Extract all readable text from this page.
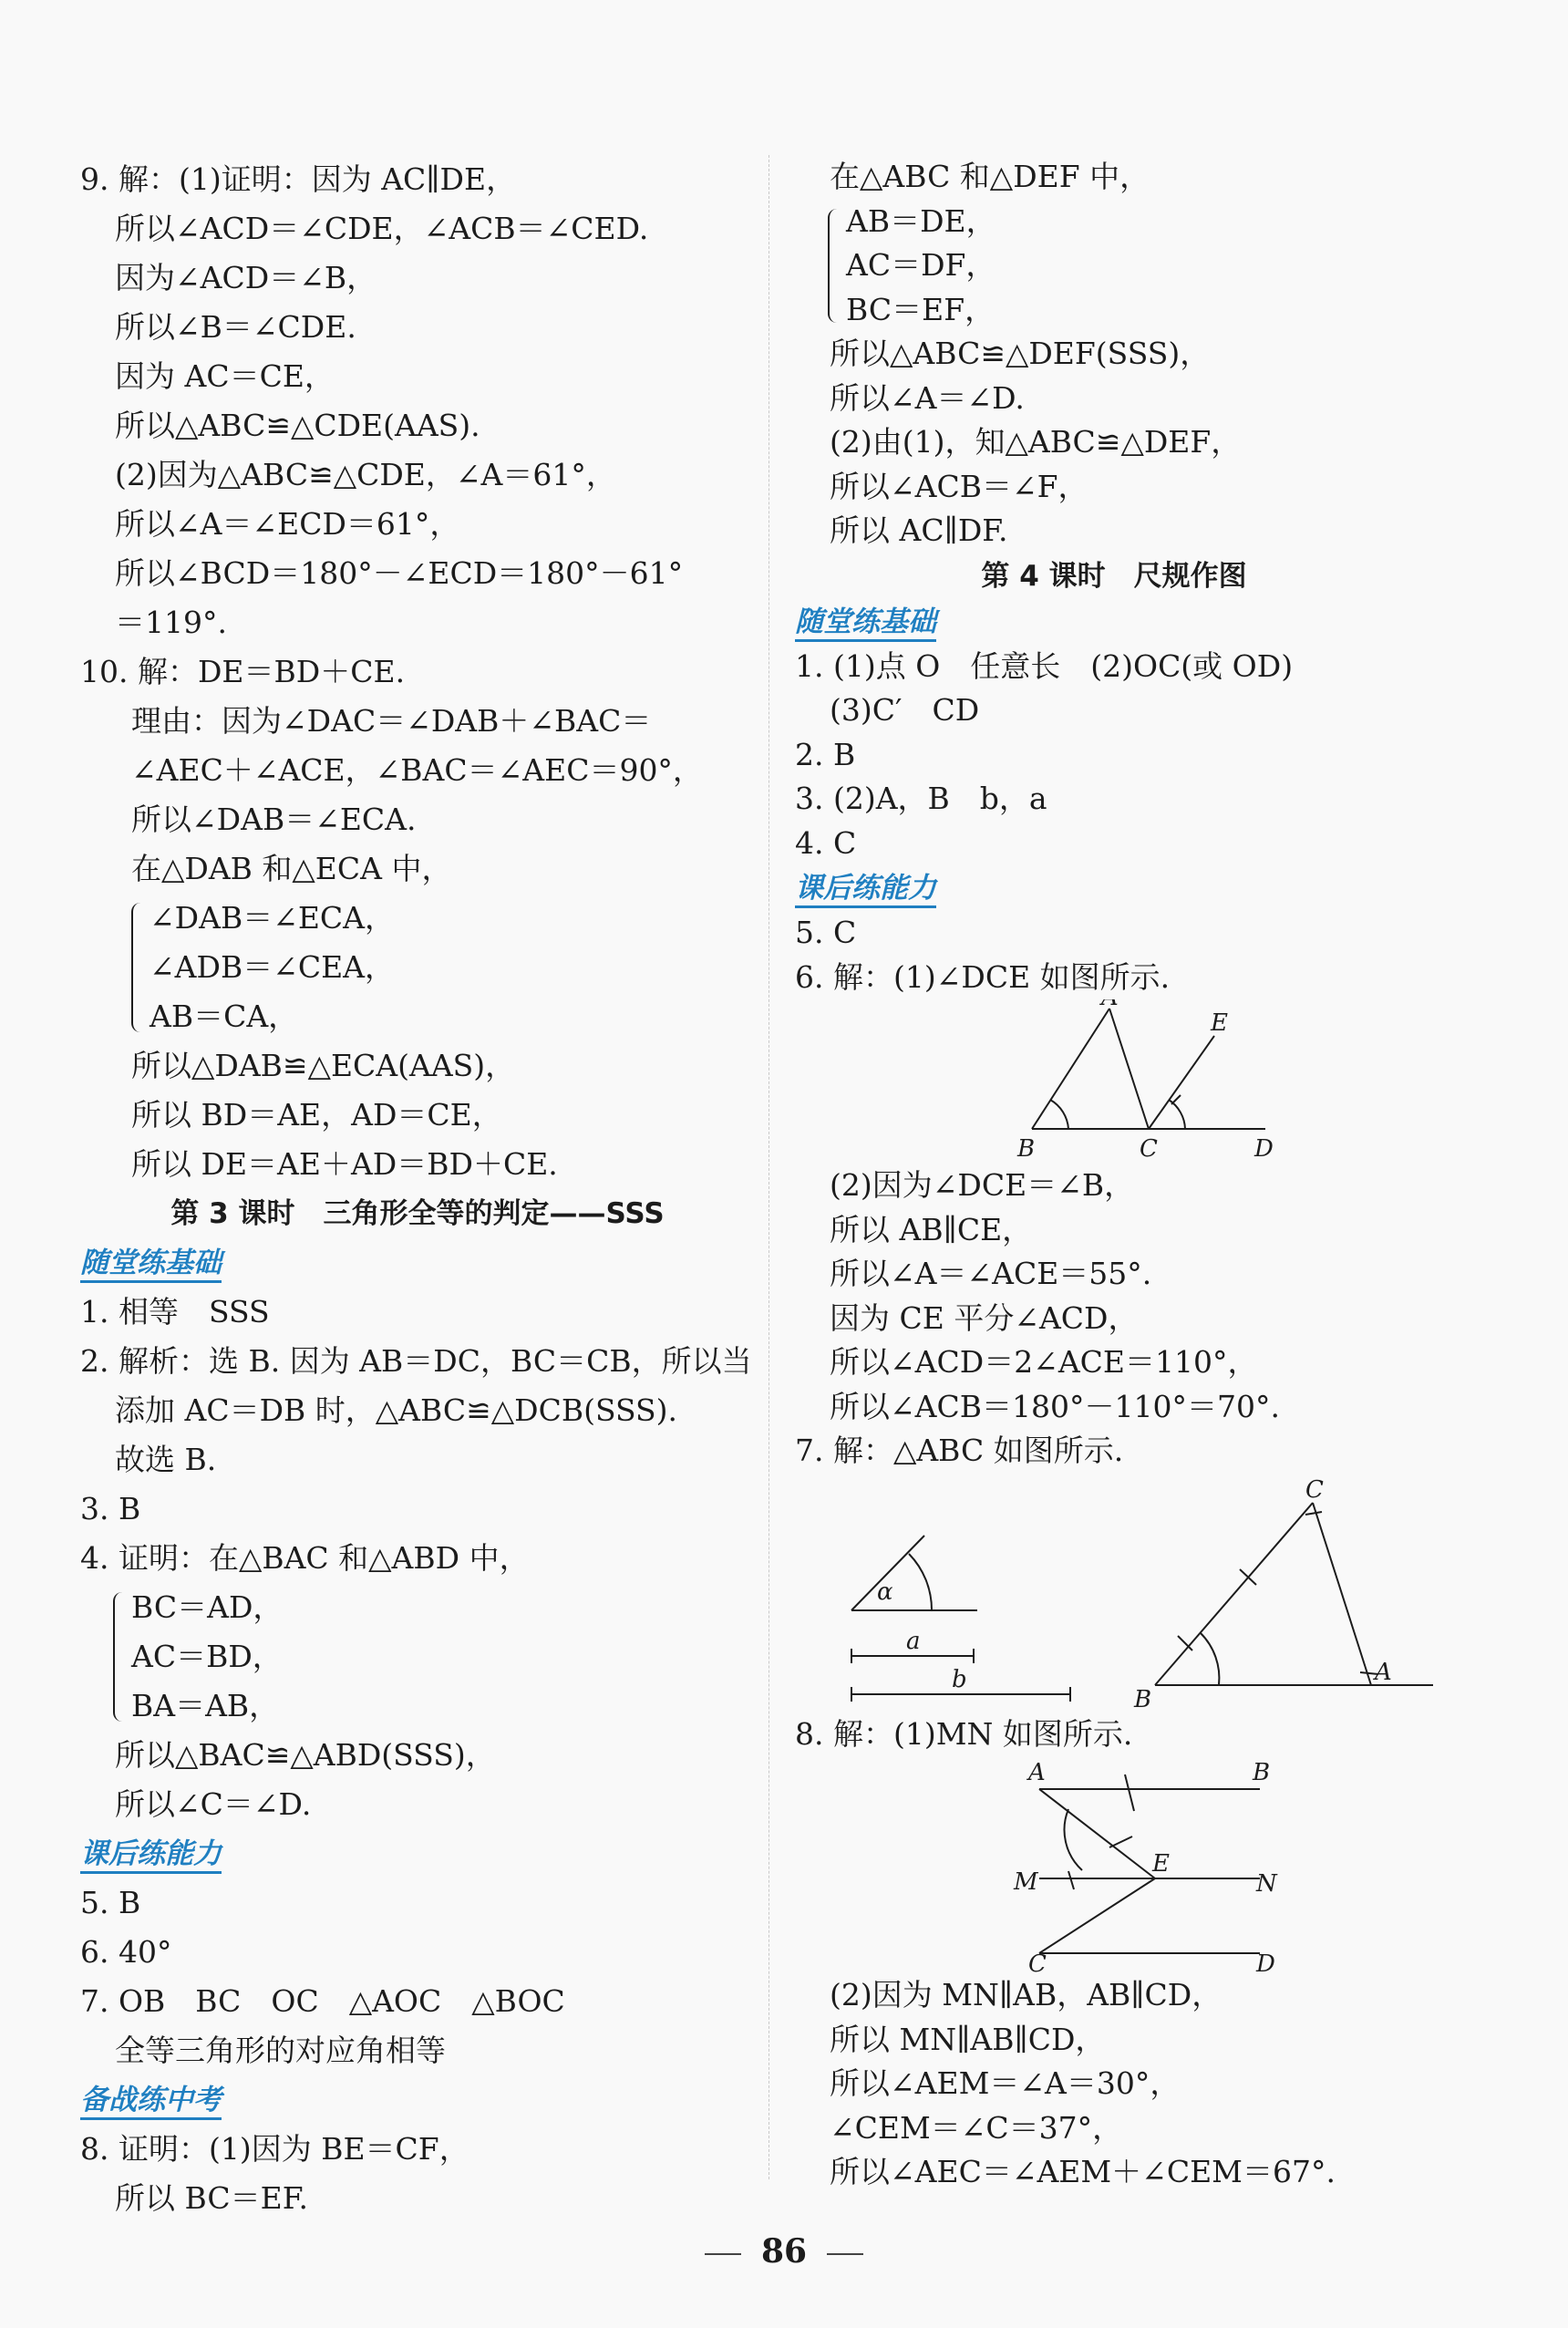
9. 解：(1)证明：因为 AC∥DE，
所以∠ACD＝∠CDE，∠ACB＝∠CED.
因为∠ACD＝∠B，
所以∠B＝∠CDE.
因为 AC＝CE，
所以△ABC≌△CDE(AAS).
(2)因为△ABC≌△CDE，∠A＝61°，
所以∠A＝∠ECD＝61°，
所以∠BCD＝180°－∠ECD＝180°－61°
＝119°.
10. 解：DE＝BD＋CE.
理由：因为∠DAC＝∠DAB＋∠BAC＝
∠AEC＋∠ACE，∠BAC＝∠AEC＝90°，
所以∠DAB＝∠ECA.
在△DAB 和△ECA 中，
∠DAB＝∠ECA，
∠ADB＝∠CEA，
AB＝CA，
所以△DAB≌△ECA(AAS)，
所以 BD＝AE，AD＝CE，
所以 DE＝AE＋AD＝BD＋CE.
第 3 课时　三角形全等的判定——SSS
随堂练基础
1. 相等　SSS
2. 解析：选 B. 因为 AB＝DC，BC＝CB，所以当
添加 AC＝DB 时，△ABC≌△DCB(SSS).
故选 B.
3. B
4. 证明：在△BAC 和△ABD 中，
BC＝AD，
AC＝BD，
BA＝AB，
所以△BAC≌△ABD(SSS)，
所以∠C＝∠D.
课后练能力
5. B
6. 40°
7. OB　BC　OC　△AOC　△BOC
全等三角形的对应角相等
备战练中考
8. 证明：(1)因为 BE＝CF，
所以 BC＝EF.
在△ABC 和△DEF 中，
AB＝DE，
AC＝DF，
BC＝EF，
所以△ABC≌△DEF(SSS)，
所以∠A＝∠D.
(2)由(1)，知△ABC≌△DEF，
所以∠ACB＝∠F，
所以 AC∥DF.
第 4 课时　尺规作图
随堂练基础
1. (1)点 O　任意长　(2)OC(或 OD)
(3)C′　CD
2. B
3. (2)A，B　b，a
4. C
课后练能力
5. C
6. 解：(1)∠DCE 如图所示.
E
B	C	D
(2)因为∠DCE＝∠B，
所以 AB∥CE，
所以∠A＝∠ACE＝55°.
因为 CE 平分∠ACD，
所以∠ACD＝2∠ACE＝110°，
所以∠ACB＝180°－110°＝70°.
7. 解：△ABC 如图所示.
α
a
b
C
B
A
8. 解：(1)MN 如图所示.
A	B
M
E
N
C	D
(2)因为 MN∥AB，AB∥CD，
所以 MN∥AB∥CD，
所以∠AEM＝∠A＝30°，
∠CEM＝∠C＝37°，
所以∠AEC＝∠AEM＋∠CEM＝67°.
86
